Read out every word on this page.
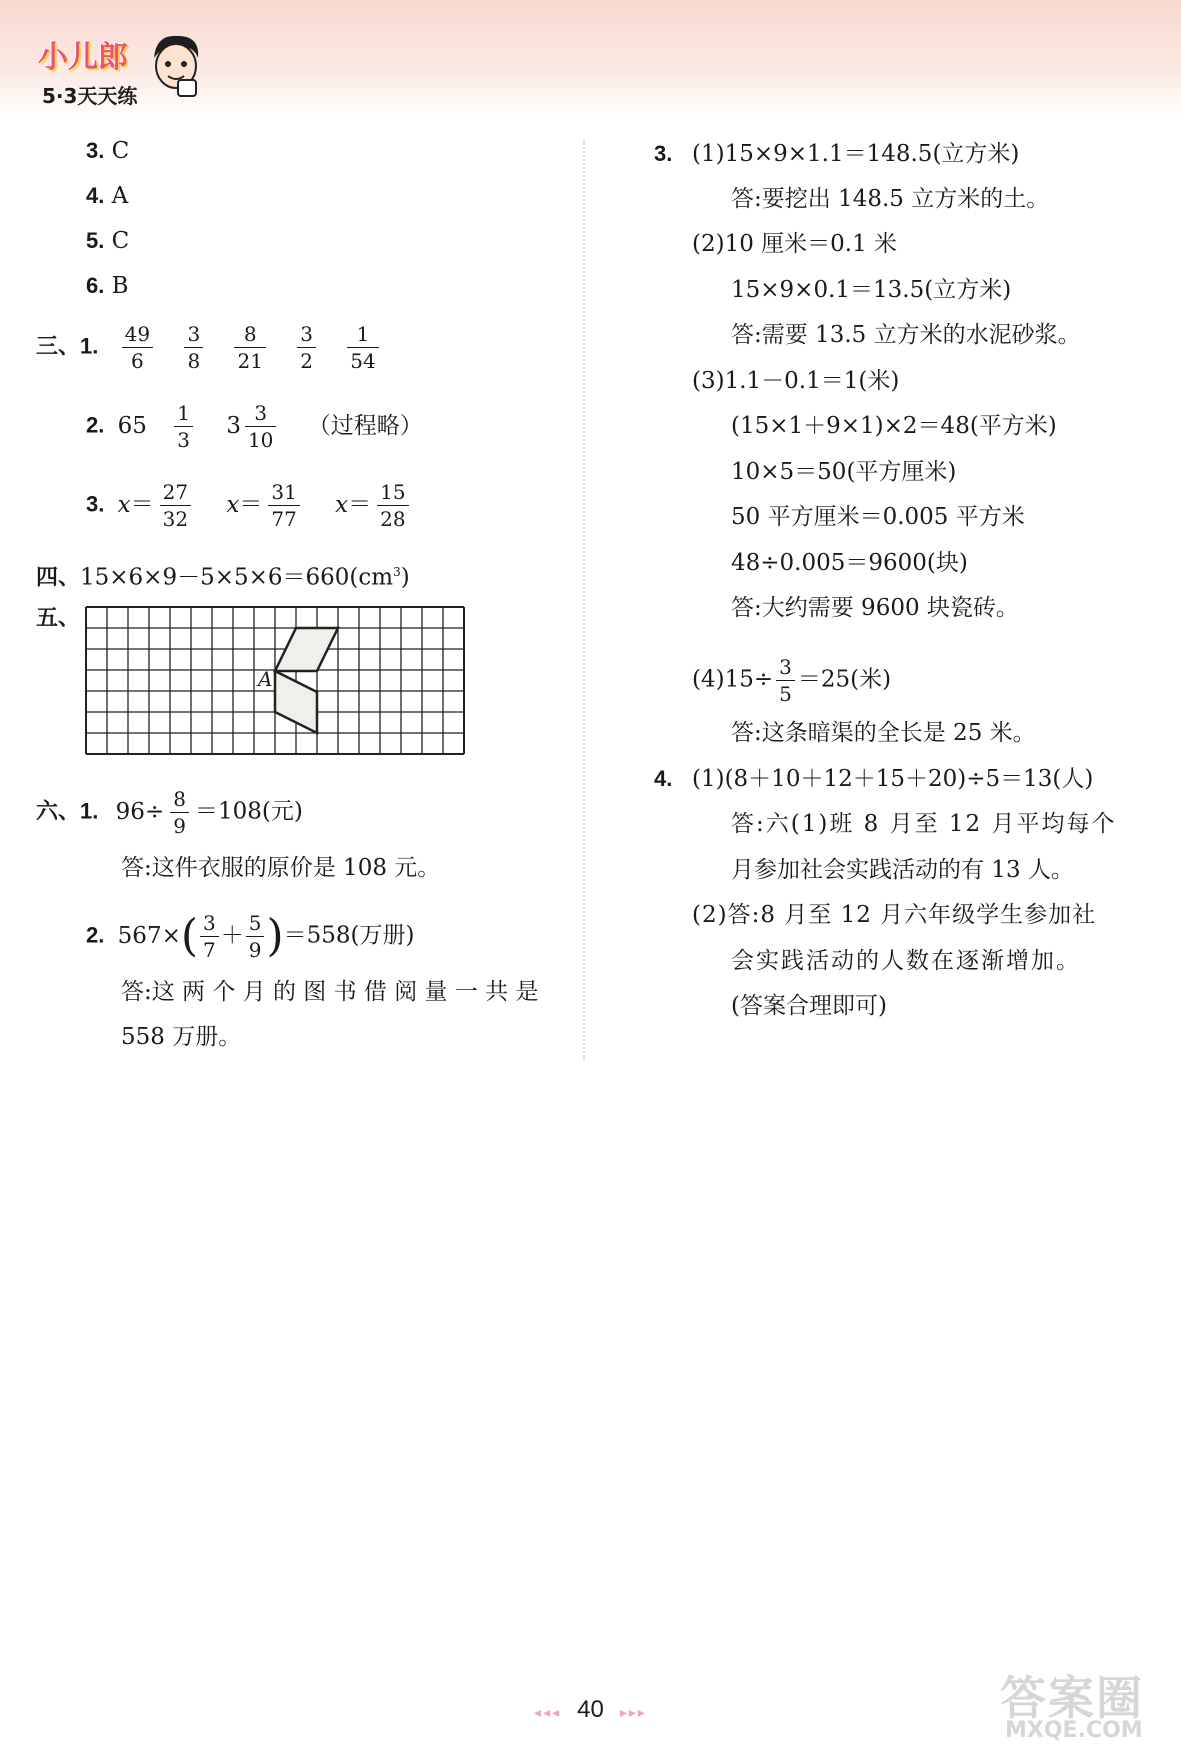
小儿郎
5·3天天练
3. C
4. A
5. C
6. B
三、1. $\frac{49}{6}$
$\frac{3}{8}$
$\frac{8}{21}$
$\frac{3}{2}$
$\frac{1}{54}$
2. $65 \frac{1}{3} 3 \frac{3}{10}$ （过程略）
3. $x= \frac{27}{32} x= \frac{31}{77} x= \frac{15}{28}$
四、$15\times 6\times 9-5\times 5\times 6=660(cm^3)$
五、
A
六、1. $96\div \frac{8}{9} =108$(元)
答:这件衣服的原价是 108 元。
2. $567\times( \frac{3}{7} + \frac{5}{9} )=558$(万册)
答:这 两 个 月 的 图 书 借 阅 量 一 共 是
558 万册。
3. (1)15×9×1.1＝148.5(立方米)
答:要挖出 148.5 立方米的土。
(2)10 厘米＝0.1 米
15×9×0.1＝13.5(立方米)
答:需要 13.5 立方米的水泥砂浆。
(3)1.1－0.1＝1(米)
(15×1＋9×1)×2＝48(平方米)
10×5＝50(平方厘米)
50 平方厘米＝0.005 平方米
48÷0.005＝9600(块)
答:大约需要 9600 块瓷砖。
$(4)15\div \frac{3}{5} =25$(米)
答:这条暗渠的全长是 25 米。
4. (1)(8＋10＋12＋15＋20)÷5＝13(人)
答:六(1)班 8 月至 12 月平均每个
月参加社会实践活动的有 13 人。
(2)答:8 月至 12 月六年级学生参加社
会实践活动的人数在逐渐增加。
(答案合理即可)
◂◂◂ 40 ▸▸▸	答案圈
MXQE.COM
